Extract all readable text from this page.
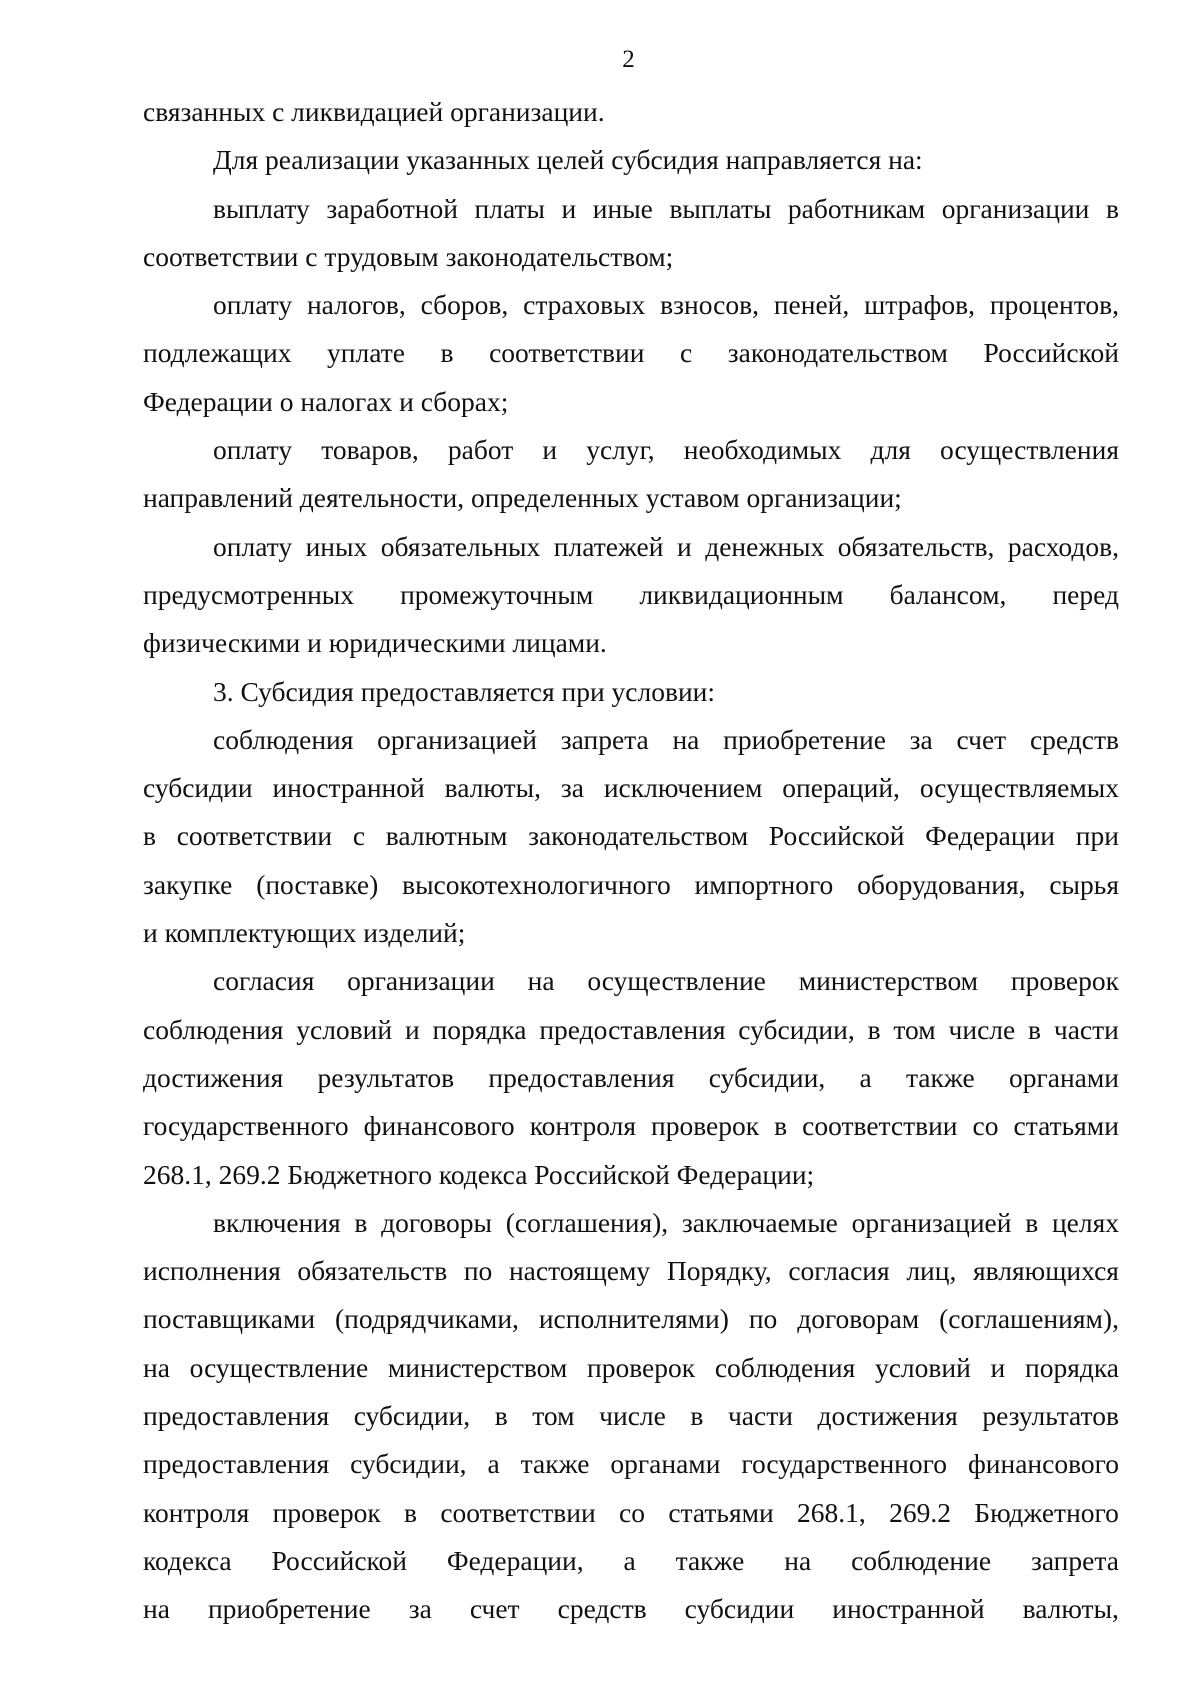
2
связанных с ликвидацией организации.
Для реализации указанных целей субсидия направляется на:
выплату заработной платы и иные выплаты работникам организации в
соответствии с трудовым законодательством;
оплату налогов, сборов, страховых взносов, пеней, штрафов, процентов,
подлежащих уплате в соответствии с законодательством Российской
Федерации о налогах и сборах;
оплату товаров, работ и услуг, необходимых для осуществления
направлений деятельности, определенных уставом организации;
оплату иных обязательных платежей и денежных обязательств, расходов,
предусмотренных промежуточным ликвидационным балансом, перед
физическими и юридическими лицами.
3. Субсидия предоставляется при условии:
соблюдения организацией запрета на приобретение за счет средств
субсидии иностранной валюты, за исключением операций, осуществляемых
в соответствии с валютным законодательством Российской Федерации при
закупке (поставке) высокотехнологичного импортного оборудования, сырья
и комплектующих изделий;
согласия организации на осуществление министерством проверок
соблюдения условий и порядка предоставления субсидии, в том числе в части
достижения результатов предоставления субсидии, а также органами
государственного финансового контроля проверок в соответствии со статьями
268.1, 269.2 Бюджетного кодекса Российской Федерации;
включения в договоры (соглашения), заключаемые организацией в целях
исполнения обязательств по настоящему Порядку, согласия лиц, являющихся
поставщиками (подрядчиками, исполнителями) по договорам (соглашениям),
на осуществление министерством проверок соблюдения условий и порядка
предоставления субсидии, в том числе в части достижения результатов
предоставления субсидии, а также органами государственного финансового
контроля проверок в соответствии со статьями 268.1, 269.2 Бюджетного
кодекса Российской Федерации, а также на соблюдение запрета
на приобретение за счет средств субсидии иностранной валюты,
